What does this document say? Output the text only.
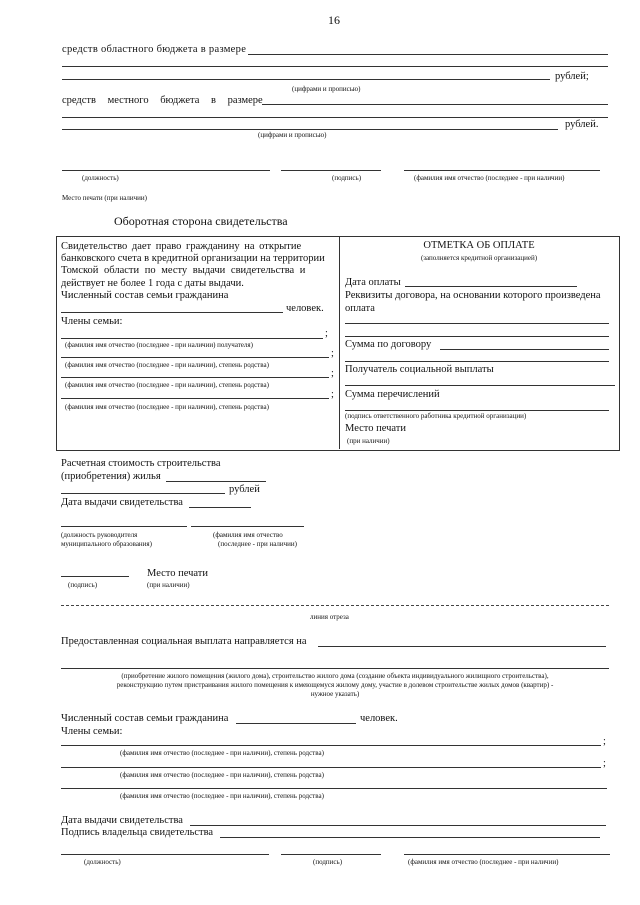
16
средств областного бюджета в размере
рублей;
(цифрами и прописью)
средств местного бюджета в размере
рублей.
(цифрами и прописью)
(должность)	(подпись)	(фамилия имя отчество (последнее - при наличии)
Место печати (при наличии)
Оборотная сторона свидетельства
Свидетельство дает право гражданину на открытие
банковского счета в кредитной организации на территории
Томской области по месту выдачи свидетельства и
действует не более 1 года с даты выдачи.
Численный состав семьи гражданина
человек.
Члены семьи:
;
(фамилия имя отчество (последнее - при наличии) получателя)
;
(фамилия имя отчество (последнее - при наличии), степень родства)
;
(фамилия имя отчество (последнее - при наличии), степень родства)
;
(фамилия имя отчество (последнее - при наличии), степень родства)
ОТМЕТКА ОБ ОПЛАТЕ
(заполняется кредитной организацией)
Дата оплаты
Реквизиты договора, на основании которого произведена
оплата
Сумма по договору
Получатель социальной выплаты
Сумма перечислений
(подпись ответственного работника кредитной организации)
Место печати
(при наличии)
Расчетная стоимость строительства
(приобретения) жилья
рублей
Дата выдачи свидетельства
(должность руководителя
муниципального образования)
(фамилия имя отчество
(последнее - при наличии)
Место печати
(подпись)	(при наличии)
линия отреза
Предоставленная социальная выплата направляется на
(приобретение жилого помещения (жилого дома), строительство жилого дома (создание объекта индивидуального жилищного строительства),
реконструкцию путем пристраивания жилого помещения к имеющемуся жилому дому, участие в долевом строительстве жилых домов (квартир) -
нужное указать)
Численный состав семьи гражданина	человек.
Члены семьи:
;
(фамилия имя отчество (последнее - при наличии), степень родства)
;
(фамилия имя отчество (последнее - при наличии), степень родства)
(фамилия имя отчество (последнее - при наличии), степень родства)
Дата выдачи свидетельства
Подпись владельца свидетельства
(должность)	(подпись)	(фамилия имя отчество (последнее - при наличии)
